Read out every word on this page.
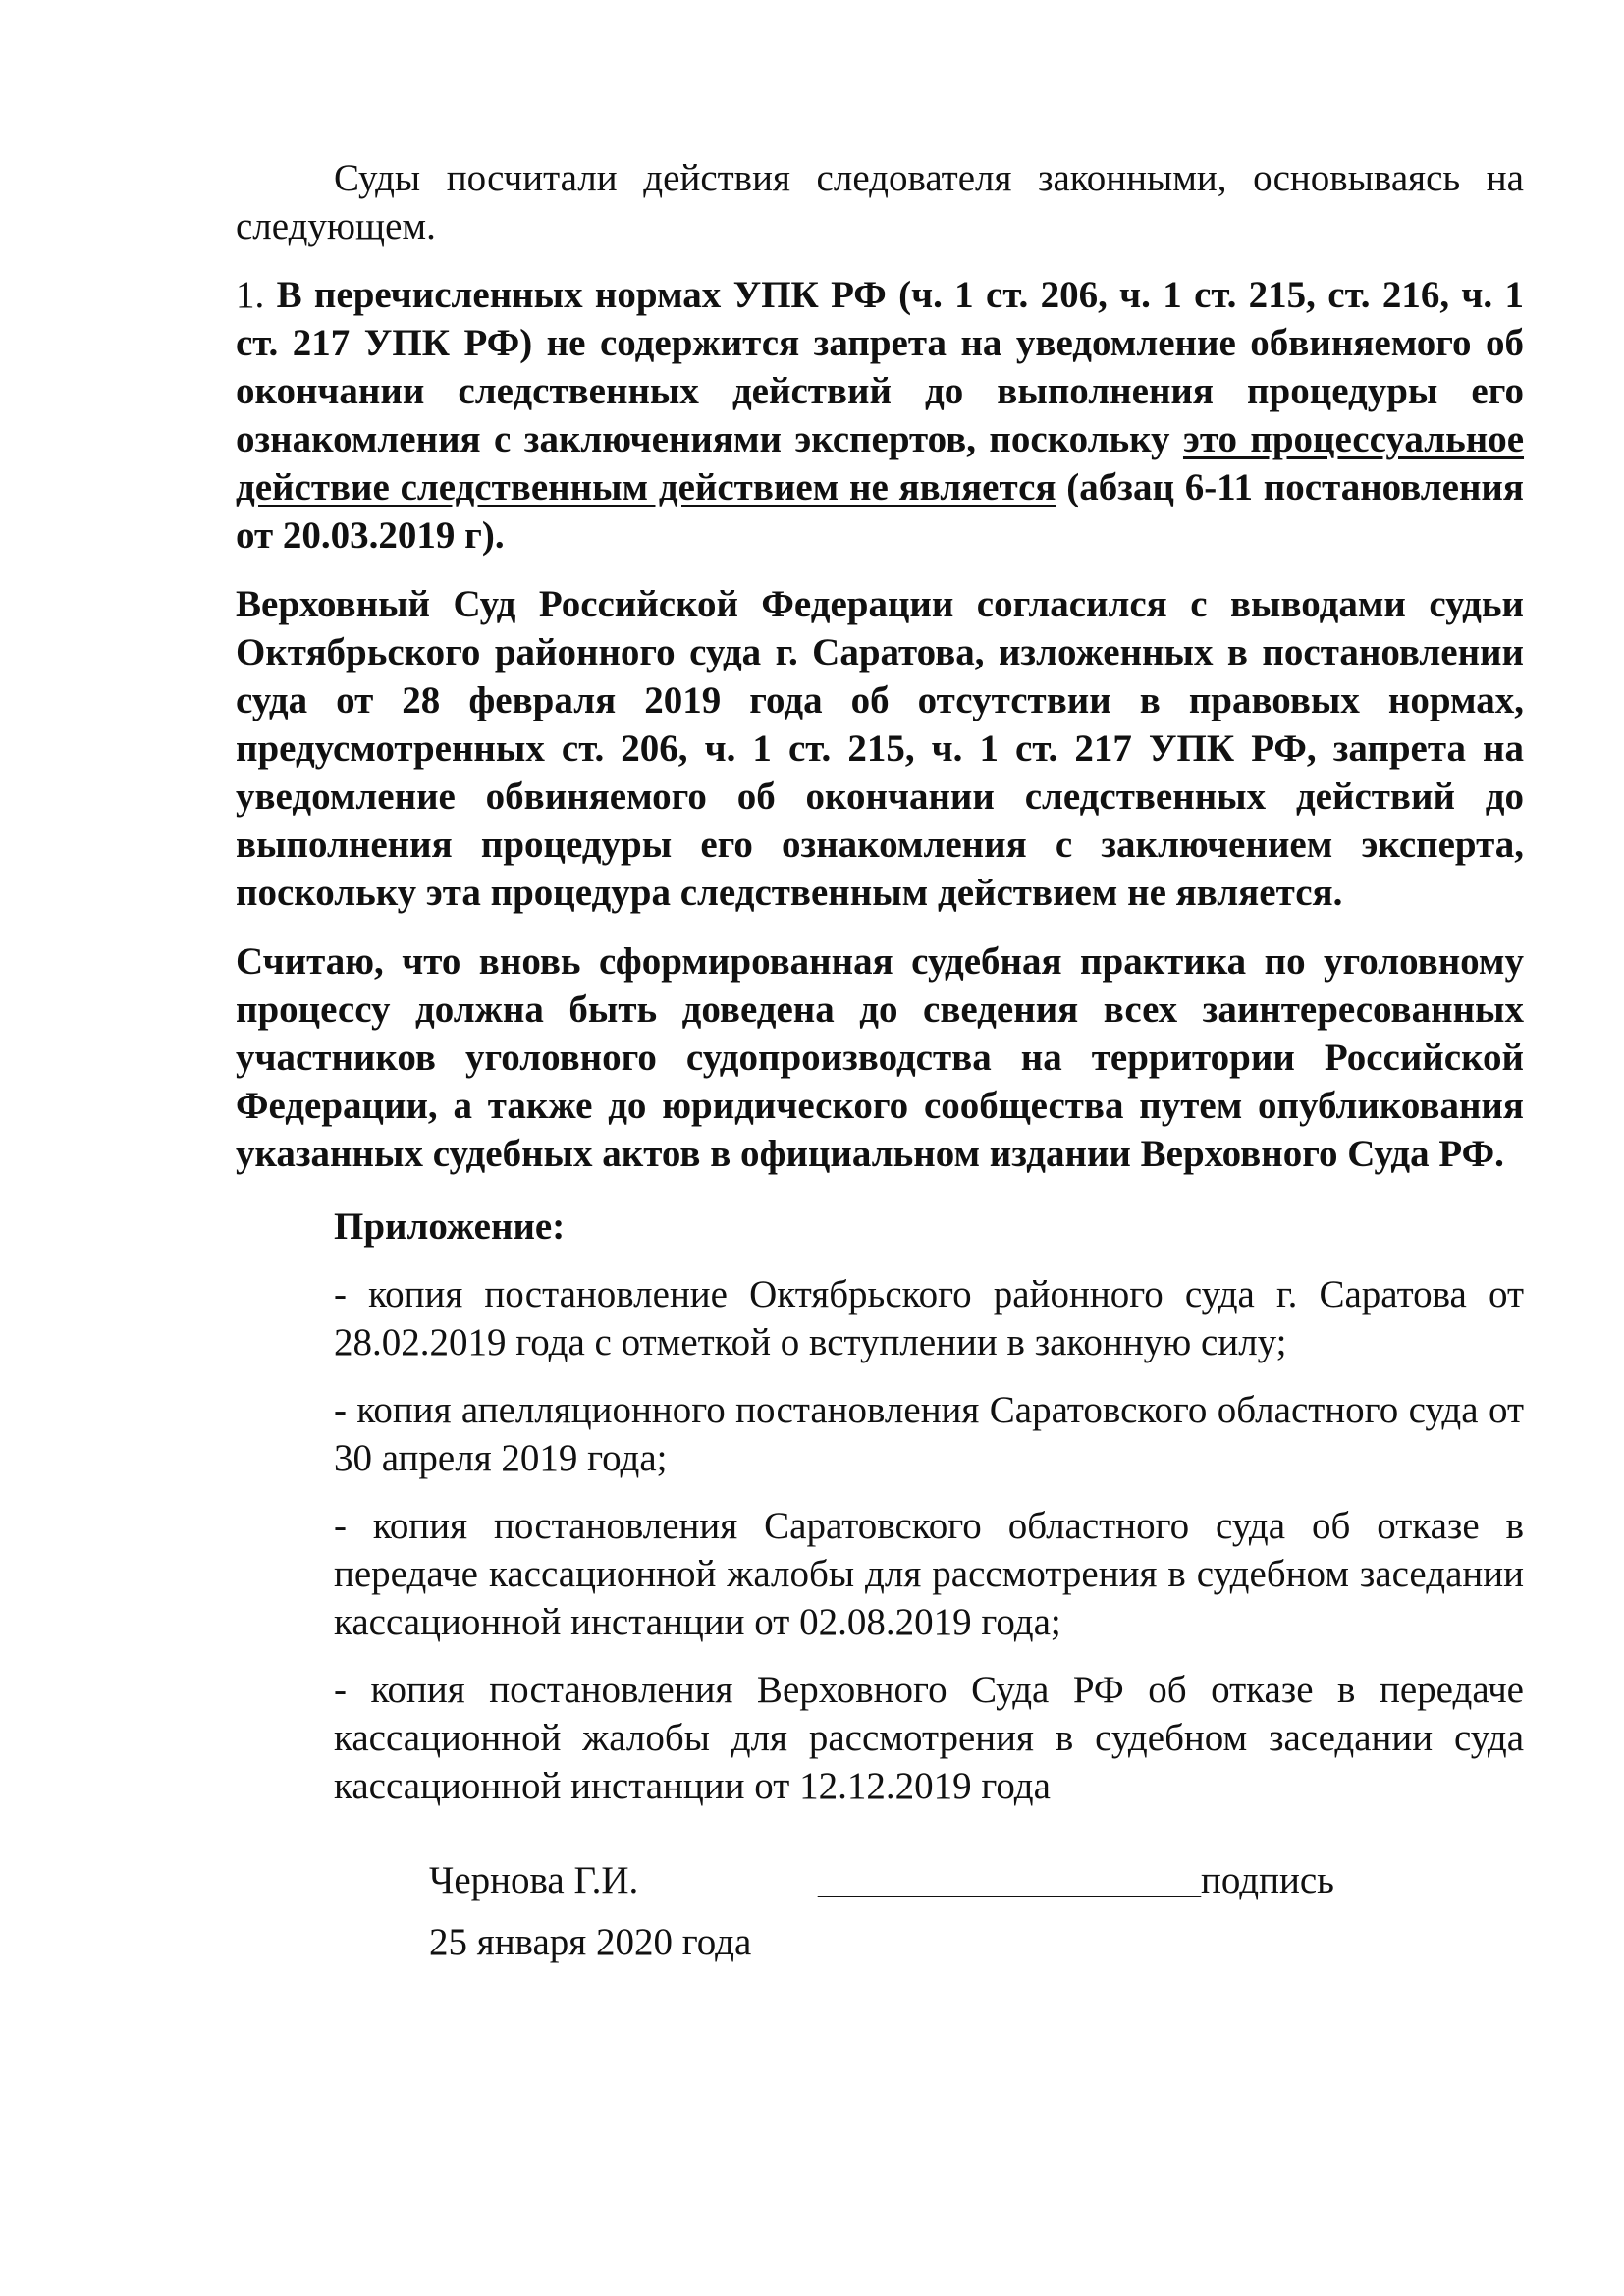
Суды посчитали действия следователя законными, основываясь на следующем.

1. В перечисленных нормах УПК РФ (ч. 1 ст. 206, ч. 1 ст. 215, ст. 216, ч. 1 ст. 217 УПК РФ) не содержится запрета на уведомление обвиняемого об окончании следственных действий до выполнения процедуры его ознакомления с заключениями экспертов, поскольку это процессуальное действие следственным действием не является (абзац 6-11 постановления от 20.03.2019 г).

Верховный Суд Российской Федерации согласился с выводами судьи Октябрьского районного суда г. Саратова, изложенных в постановлении суда от 28 февраля 2019 года об отсутствии в правовых нормах, предусмотренных ст. 206, ч. 1 ст. 215, ч. 1 ст. 217 УПК РФ, запрета на уведомление обвиняемого об окончании следственных действий до выполнения процедуры его ознакомления с заключением эксперта, поскольку эта процедура следственным действием не является.

Считаю, что вновь сформированная судебная практика по уголовному процессу должна быть доведена до сведения всех заинтересованных участников уголовного судопроизводства на территории Российской Федерации, а также до юридического сообщества путем опубликования указанных судебных актов в официальном издании Верховного Суда РФ.

Приложение:

- копия постановление Октябрьского районного суда г. Саратова от 28.02.2019 года с отметкой о вступлении в законную силу;

- копия апелляционного постановления Саратовского областного суда от 30 апреля 2019 года;

- копия постановления Саратовского областного суда об отказе в передаче кассационной жалобы для рассмотрения в судебном заседании кассационной инстанции от 02.08.2019 года;

- копия постановления Верховного Суда РФ об отказе в передаче кассационной жалобы для рассмотрения в судебном заседании суда кассационной инстанции от 12.12.2019 года

Чернова Г.И.	____________________подпись
25 января 2020 года
